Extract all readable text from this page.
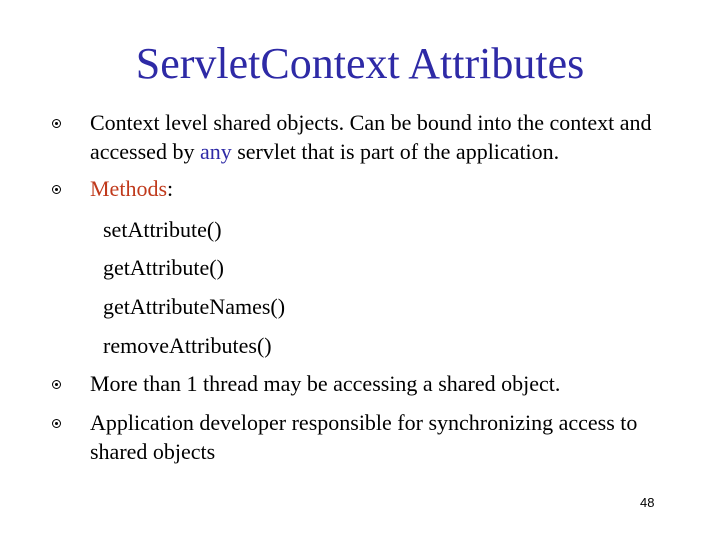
ServletContext Attributes
Context level shared objects. Can be bound into the context and accessed by any servlet that is part of the application.
Methods:
setAttribute()
getAttribute()
getAttributeNames()
removeAttributes()
More than 1 thread may be accessing a shared object.
Application developer responsible for synchronizing access to shared objects
48
